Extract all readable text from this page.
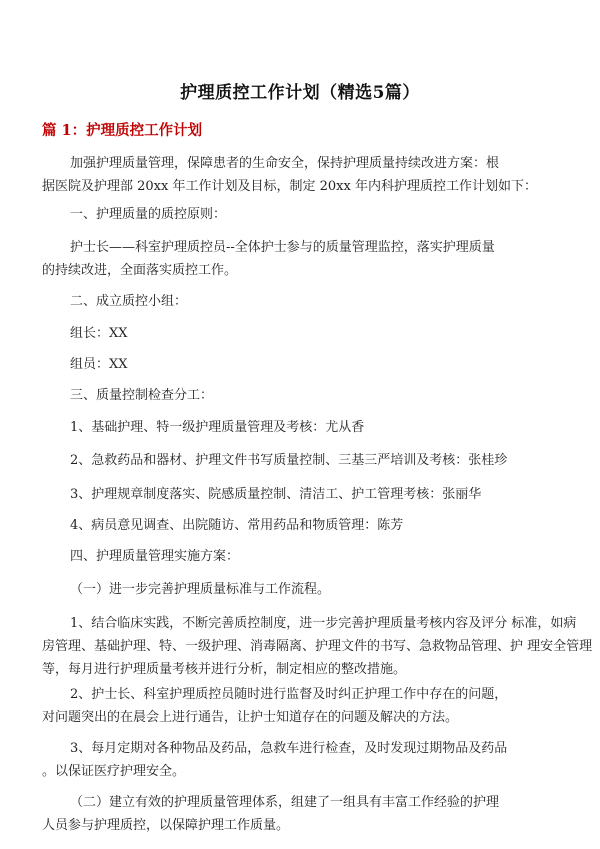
护理质控工作计划（精选5篇）
篇 1：护理质控工作计划

加强护理质量管理，保障患者的生命安全，保持护理质量持续改进方案：根
据医院及护理部 20xx 年工作计划及目标，制定 20xx 年内科护理质控工作计划如下：

一、护理质量的质控原则：

护士长——科室护理质控员--全体护士参与的质量管理监控，落实护理质量
的持续改进，全面落实质控工作。

二、成立质控小组：

组长：XX

组员：XX

三、质量控制检查分工：

1、基础护理、特一级护理质量管理及考核：尤从香

2、急救药品和器材、护理文件书写质量控制、三基三严培训及考核：张桂珍

3、护理规章制度落实、院感质量控制、清洁工、护工管理考核：张丽华

4、病员意见调查、出院随访、常用药品和物质管理：陈芳

四、护理质量管理实施方案：

（一）进一步完善护理质量标准与工作流程。

1、结合临床实践，不断完善质控制度，进一步完善护理质量考核内容及评分 标准，如病
房管理、基础护理、特、一级护理、消毒隔离、护理文件的书写、急救物品管理、护 理安全管理
等，每月进行护理质量考核并进行分析，制定相应的整改措施。

2、护士长、科室护理质控员随时进行监督及时纠正护理工作中存在的问题，
对问题突出的在晨会上进行通告，让护士知道存在的问题及解决的方法。

3、每月定期对各种物品及药品，急救车进行检查，及时发现过期物品及药品
。以保证医疗护理安全。

（二）建立有效的护理质量管理体系，组建了一组具有丰富工作经验的护理
人员参与护理质控，以保障护理工作质量。
